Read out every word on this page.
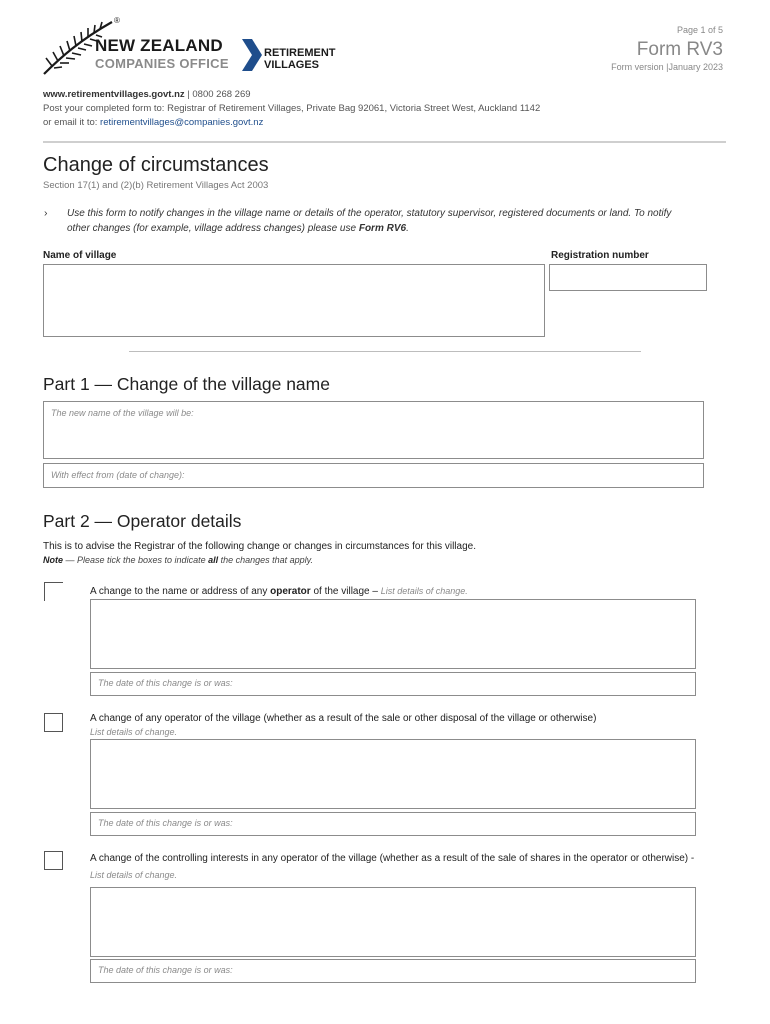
®
NEW ZEALAND
COMPANIES OFFICE
RETIREMENT
VILLAGES
Page 1 of 5
Form RV3
Form version |January 2023
www.retirementvillages.govt.nz | 0800 268 269
Post your completed form to: Registrar of Retirement Villages, Private Bag 92061, Victoria Street West, Auckland 1142
or email it to: retirementvillages@companies.govt.nz
Change of circumstances
Section 17(1) and (2)(b) Retirement Villages Act 2003
› Use this form to notify changes in the village name or details of the operator, statutory supervisor, registered documents or land. To notify other changes (for example, village address changes) please use Form RV6.
Name of village	Registration number
Part 1 — Change of the village name
The new name of the village will be:
With effect from (date of change):
Part 2 — Operator details
This is to advise the Registrar of the following change or changes in circumstances for this village.
Note — Please tick the boxes to indicate all the changes that apply.
A change to the name or address of any operator of the village – List details of change.
The date of this change is or was:
A change of any operator of the village (whether as a result of the sale or other disposal of the village or otherwise)
List details of change.
The date of this change is or was:
A change of the controlling interests in any operator of the village (whether as a result of the sale of shares in the operator or otherwise) - List details of change.
The date of this change is or was:
